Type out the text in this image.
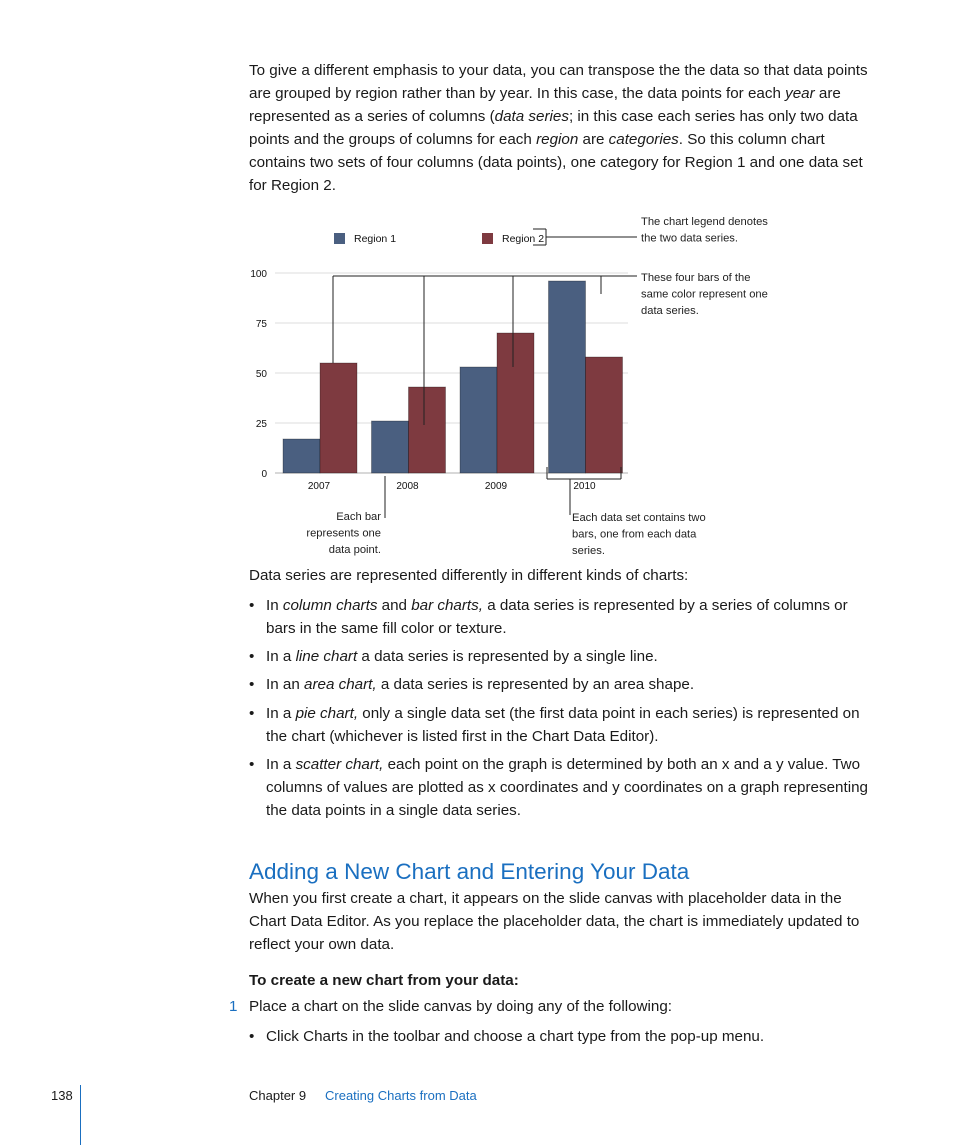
To give a different emphasis to your data, you can transpose the the data so that data points are grouped by region rather than by year. In this case, the data points for each year are represented as a series of columns (data series; in this case each series has only two data points and the groups of columns for each region are categories. So this column chart contains two sets of four columns (data points), one category for Region 1 and one data set for Region 2.

100
75
50
25
0
2007	2008	2009	2010
Region 1	Region 2
The chart legend denotes the two data series.
These four bars of the same color represent one data series.
Each bar represents one data point.
Each data set contains two bars, one from each data series.

Data series are represented differently in different kinds of charts:

• In column charts and bar charts, a data series is represented by a series of columns or bars in the same fill color or texture.
• In a line chart a data series is represented by a single line.
• In an area chart, a data series is represented by an area shape.
• In a pie chart, only a single data set (the first data point in each series) is represented on the chart (whichever is listed first in the Chart Data Editor).
• In a scatter chart, each point on the graph is determined by both an x and a y value. Two columns of values are plotted as x coordinates and y coordinates on a graph representing the data points in a single data series.
Adding a New Chart and Entering Your Data

When you first create a chart, it appears on the slide canvas with placeholder data in the Chart Data Editor. As you replace the placeholder data, the chart is immediately updated to reflect your own data.

To create a new chart from your data:
1 Place a chart on the slide canvas by doing any of the following:
• Click Charts in the toolbar and choose a chart type from the pop-up menu.
138	Chapter 9 Creating Charts from Data
